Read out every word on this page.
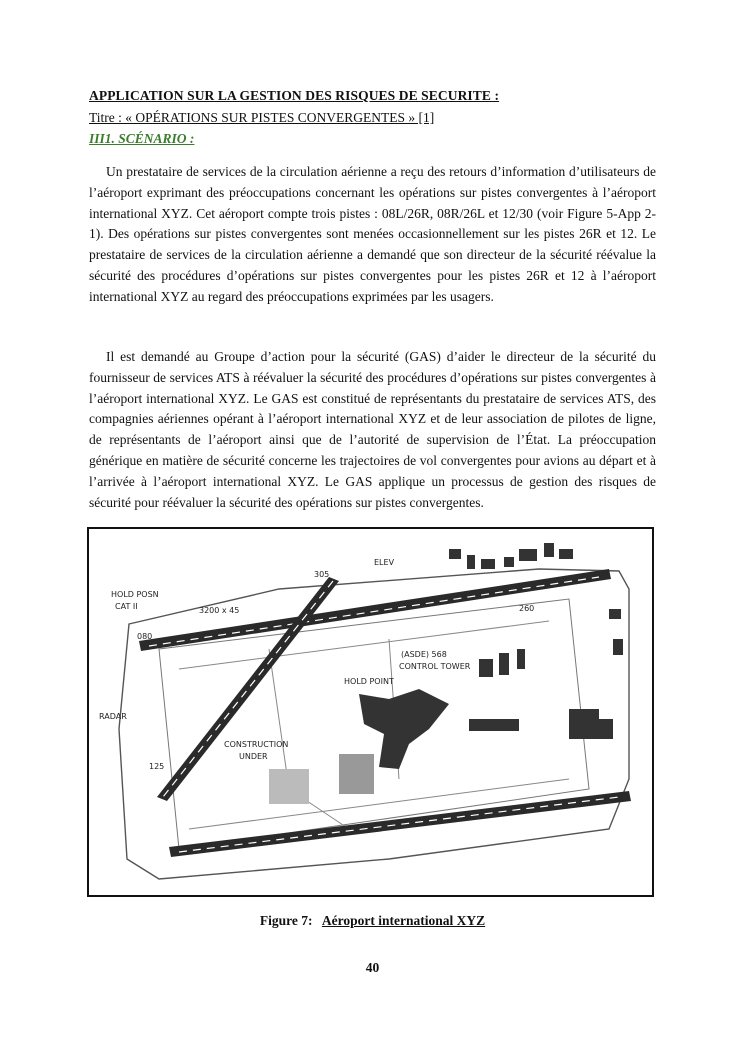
APPLICATION SUR LA GESTION DES RISQUES DE SECURITE :
Titre : « OPÉRATIONS SUR PISTES CONVERGENTES » [1]
III1. SCÉNARIO :

Un prestataire de services de la circulation aérienne a reçu des retours d’information d’utilisateurs de l’aéroport exprimant des préoccupations concernant les opérations sur pistes convergentes à l’aéroport international XYZ. Cet aéroport compte trois pistes : 08L/26R, 08R/26L et 12/30 (voir Figure 5-App 2-1). Des opérations sur pistes convergentes sont menées occasionnellement sur les pistes 26R et 12. Le prestataire de services de la circulation aérienne a demandé que son directeur de la sécurité réévalue la sécurité des procédures d’opérations sur pistes convergentes pour les pistes 26R et 12 à l’aéroport international XYZ au regard des préoccupations exprimées par les usagers.

Il est demandé au Groupe d’action pour la sécurité (GAS) d’aider le directeur de la sécurité du fournisseur de services ATS à réévaluer la sécurité des procédures d’opérations sur pistes convergentes à l’aéroport international XYZ. Le GAS est constitué de représentants du prestataire de services ATS, des compagnies aériennes opérant à l’aéroport international XYZ et de leur association de pilotes de ligne, de représentants de l’aéroport ainsi que de l’autorité de supervision de l’État. La préoccupation générique en matière de sécurité concerne les trajectoires de vol convergentes pour avions au départ et à l’arrivée à l’aéroport international XYZ. Le GAS applique un processus de gestion des risques de sécurité pour réévaluer la sécurité des opérations sur pistes convergentes.

HOLD POSN
CAT II	3200 x 45
080
260
305
125
ELEV
CONTROL TOWER
(ASDE) 568
CONSTRUCTION
UNDER
HOLD POINT
RADAR
Figure 7: Aéroport international XYZ
40
